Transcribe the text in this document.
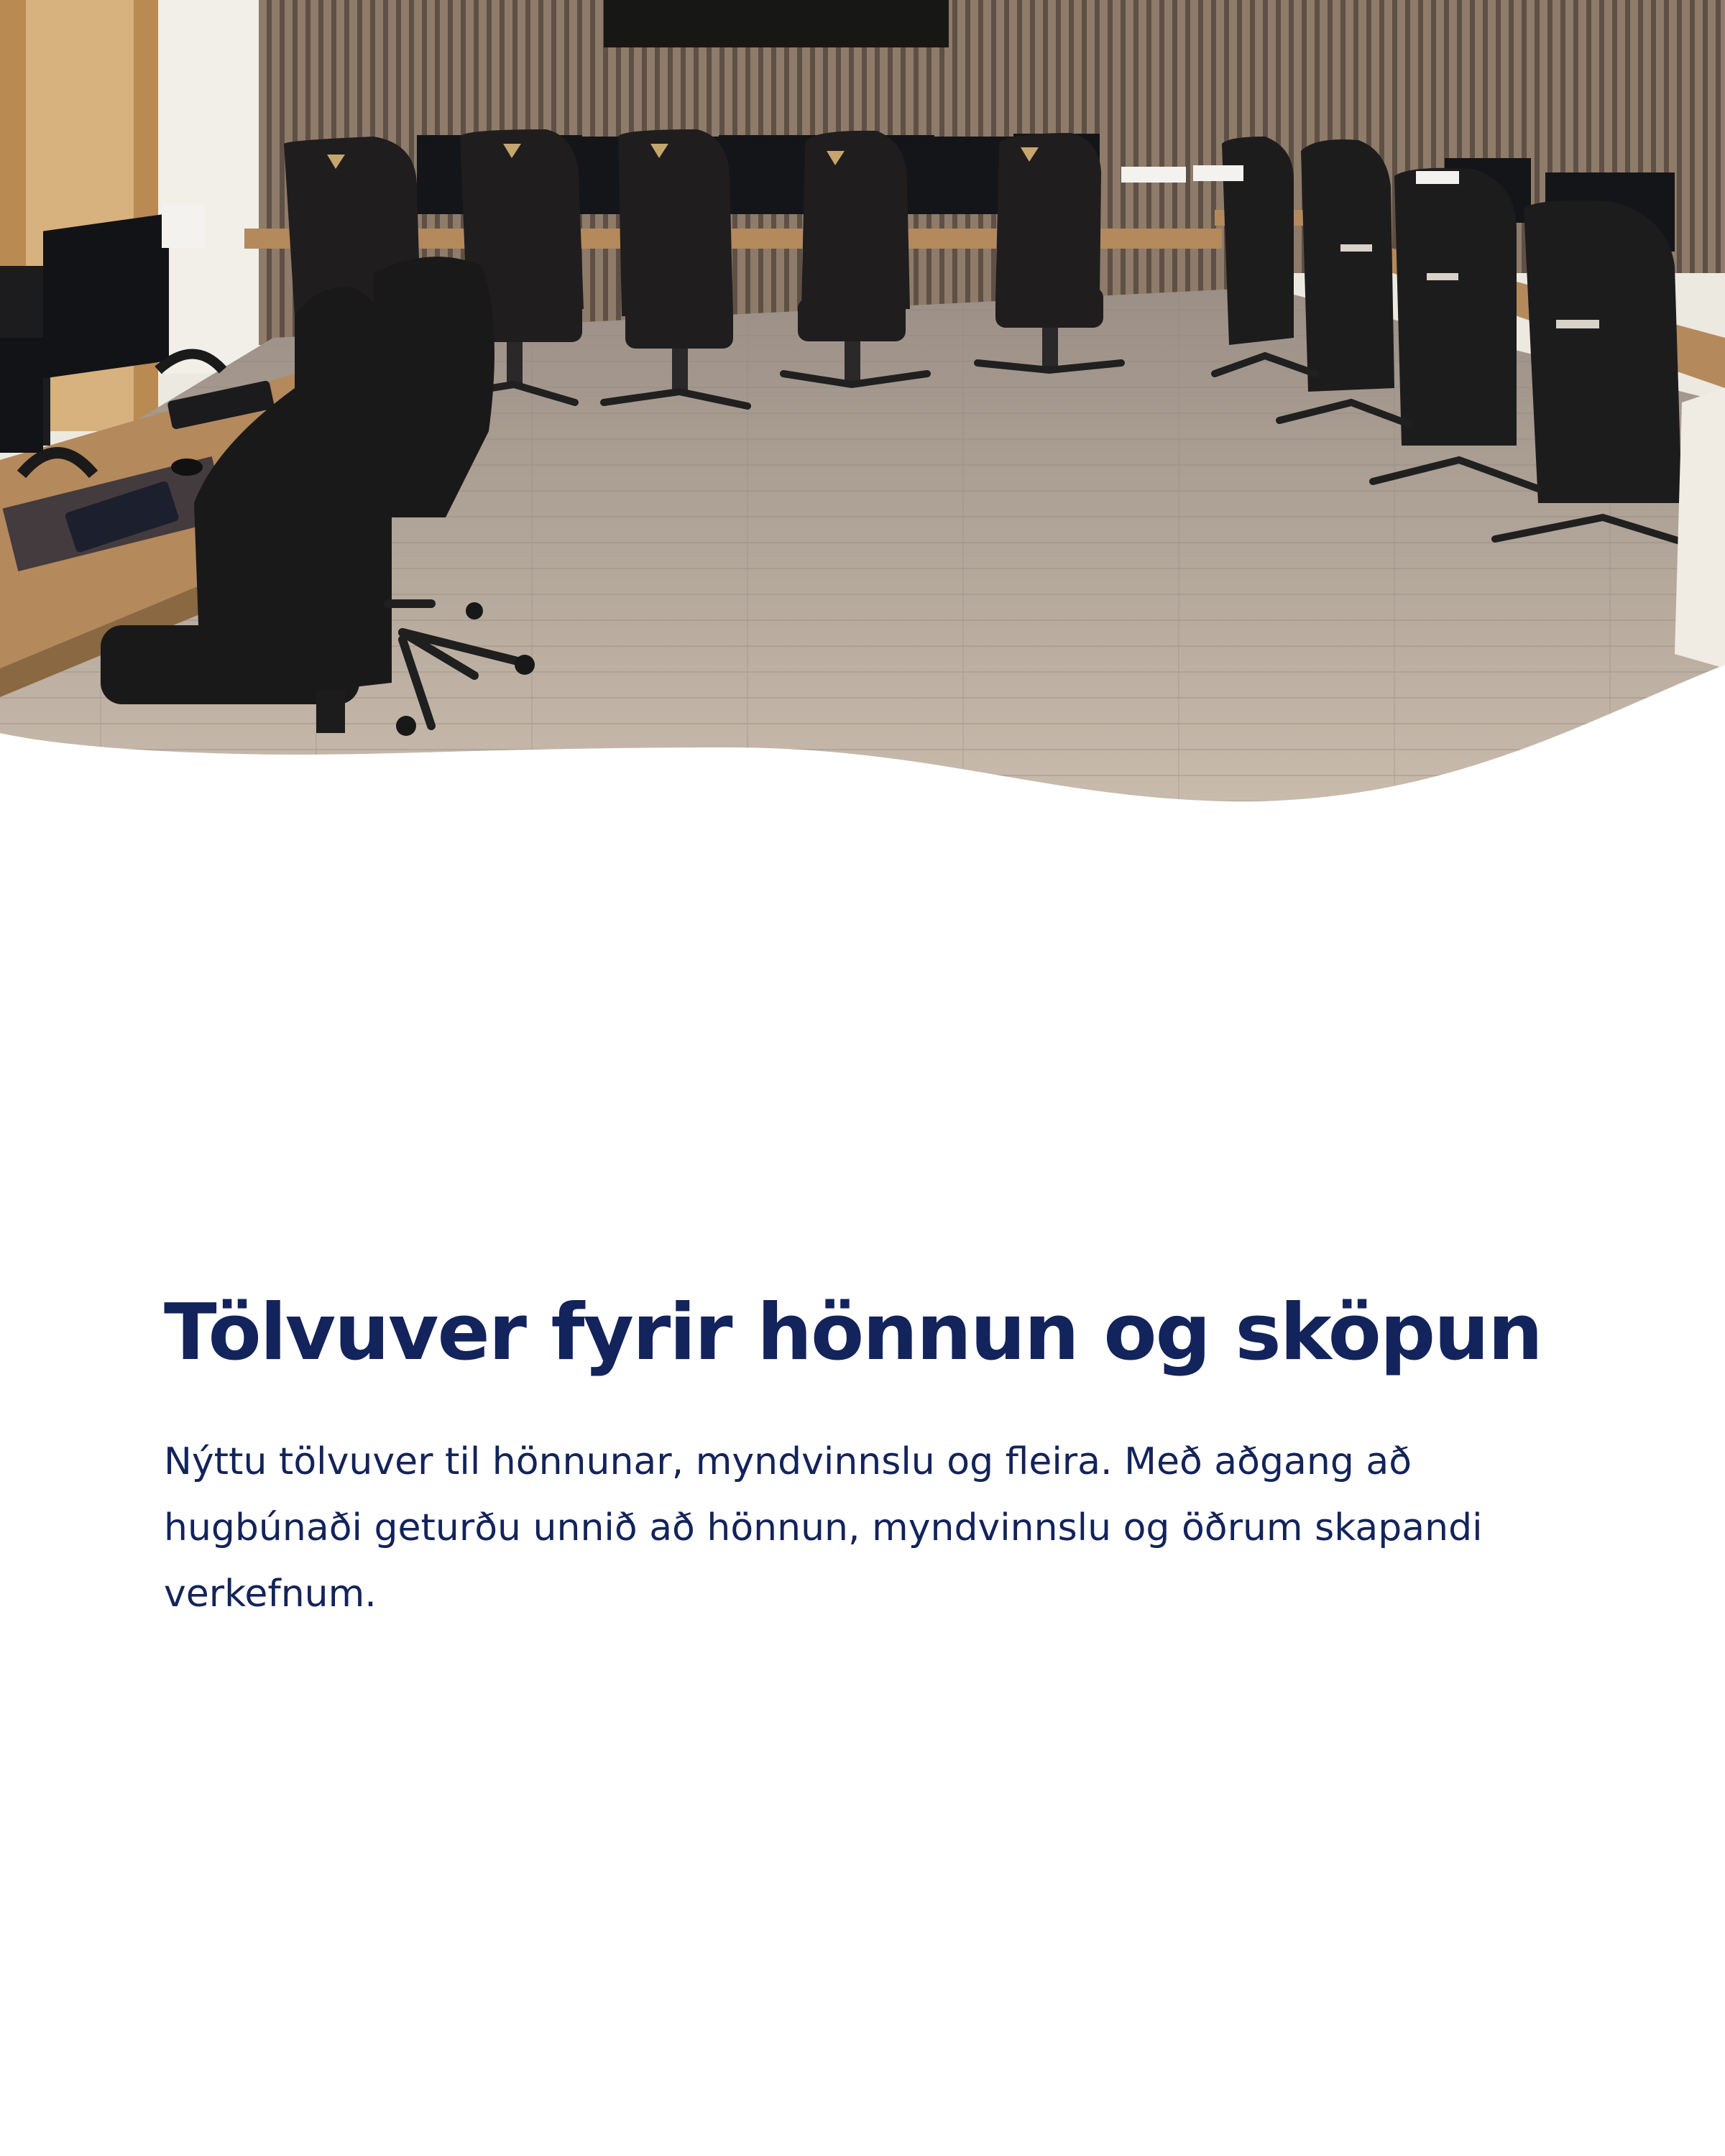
Tölvuver fyrir hönnun og sköpun

Nýttu tölvuver til hönnunar, myndvinnslu og fleira. Með aðgang að hugbúnaði geturðu unnið að hönnun, myndvinnslu og öðrum skapandi verkefnum.
